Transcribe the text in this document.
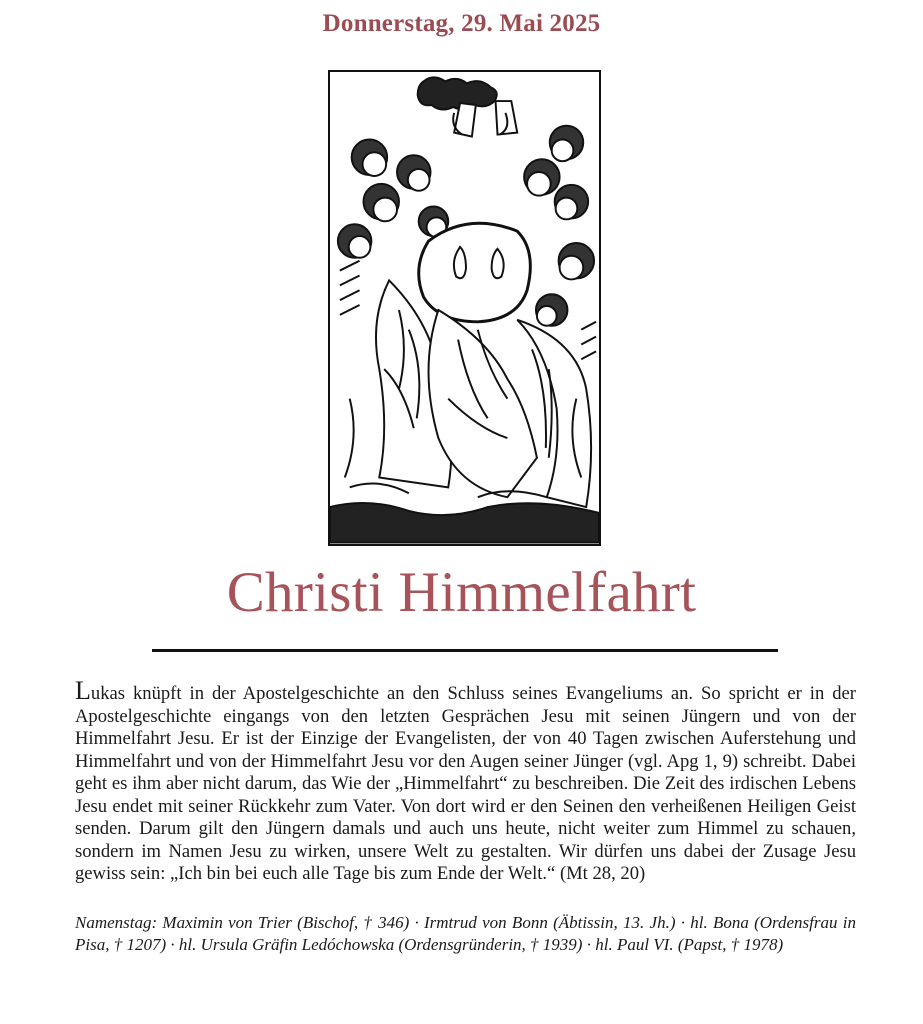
Donnerstag, 29. Mai 2025
Christi Himmelfahrt
Lukas knüpft in der Apostelgeschichte an den Schluss seines Evangeliums an. So spricht er in der Apostelgeschichte eingangs von den letzten Gesprächen Jesu mit seinen Jüngern und von der Himmelfahrt Jesu. Er ist der Einzige der Evangelisten, der von 40 Tagen zwischen Auferstehung und Himmelfahrt und von der Himmelfahrt Jesu vor den Augen seiner Jünger (vgl. Apg 1, 9) schreibt. Dabei geht es ihm aber nicht darum, das Wie der „Himmelfahrt“ zu beschreiben. Die Zeit des irdischen Lebens Jesu endet mit seiner Rückkehr zum Vater. Von dort wird er den Seinen den verheißenen Heiligen Geist senden. Darum gilt den Jüngern damals und auch uns heute, nicht weiter zum Himmel zu schauen, sondern im Namen Jesu zu wirken, unsere Welt zu gestalten. Wir dürfen uns dabei der Zusage Jesu gewiss sein: „Ich bin bei euch alle Tage bis zum Ende der Welt.“ (Mt 28, 20)
Namenstag: Maximin von Trier (Bischof, † 346) · Irmtrud von Bonn (Äbtissin, 13. Jh.) · hl. Bona (Ordensfrau in Pisa, † 1207) · hl. Ursula Gräfin Ledóchowska (Ordensgründerin, † 1939) · hl. Paul VI. (Papst, † 1978)
